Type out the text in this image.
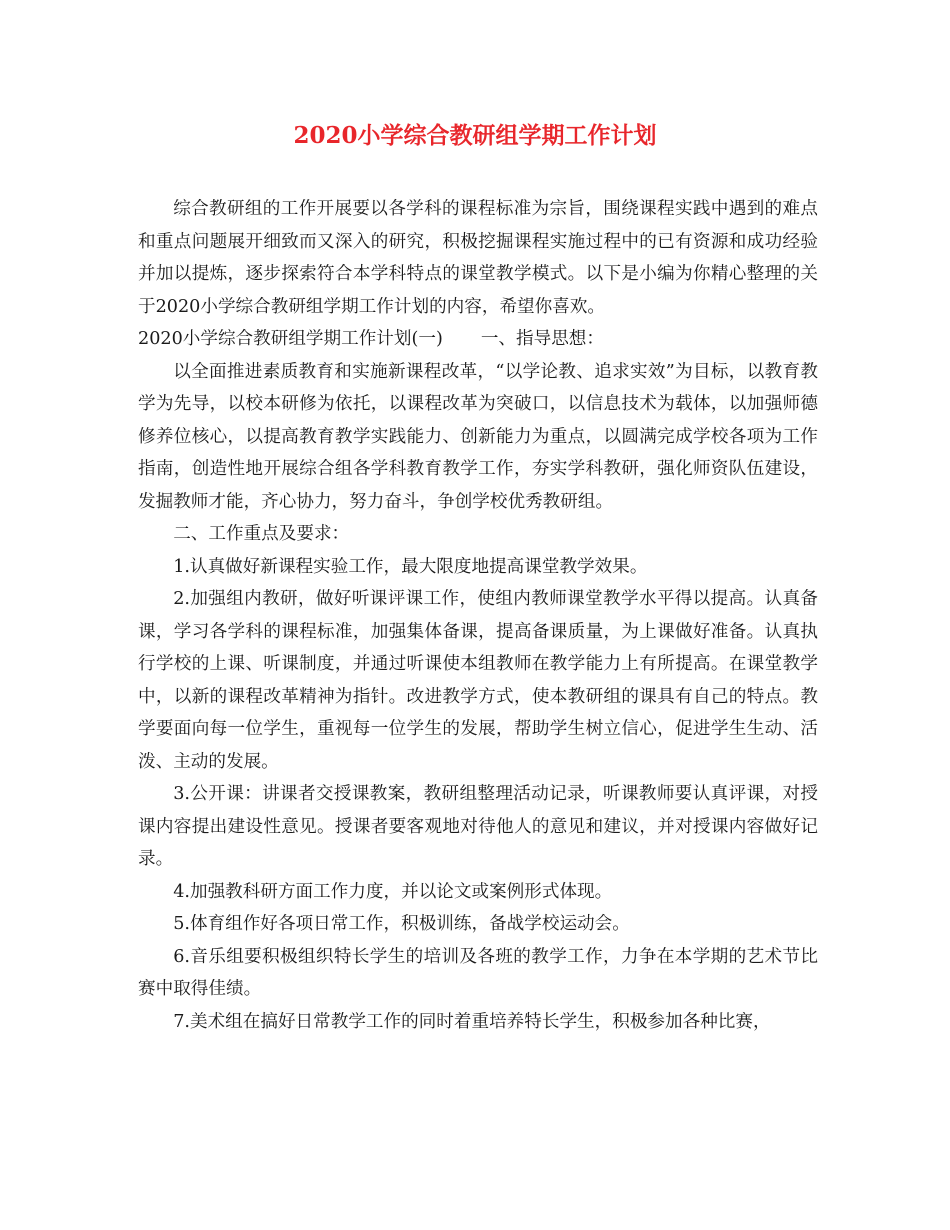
2020小学综合教研组学期工作计划

综合教研组的工作开展要以各学科的课程标准为宗旨，围绕课程实践中遇到的难点和重点问题展开细致而又深入的研究，积极挖掘课程实施过程中的已有资源和成功经验并加以提炼，逐步探索符合本学科特点的课堂教学模式。以下是小编为你精心整理的关于2020小学综合教研组学期工作计划的内容，希望你喜欢。

2020小学综合教研组学期工作计划(一) 一、指导思想：

以全面推进素质教育和实施新课程改革，“以学论教、追求实效”为目标，以教育教学为先导，以校本研修为依托，以课程改革为突破口，以信息技术为载体，以加强师德修养位核心，以提高教育教学实践能力、创新能力为重点，以圆满完成学校各项为工作指南，创造性地开展综合组各学科教育教学工作，夯实学科教研，强化师资队伍建设，发掘教师才能，齐心协力，努力奋斗，争创学校优秀教研组。

二、工作重点及要求：

1.认真做好新课程实验工作，最大限度地提高课堂教学效果。

2.加强组内教研，做好听课评课工作，使组内教师课堂教学水平得以提高。认真备课，学习各学科的课程标准，加强集体备课，提高备课质量，为上课做好准备。认真执行学校的上课、听课制度，并通过听课使本组教师在教学能力上有所提高。在课堂教学中，以新的课程改革精神为指针。改进教学方式，使本教研组的课具有自己的特点。教学要面向每一位学生，重视每一位学生的发展，帮助学生树立信心，促进学生生动、活泼、主动的发展。

3.公开课：讲课者交授课教案，教研组整理活动记录，听课教师要认真评课，对授课内容提出建设性意见。授课者要客观地对待他人的意见和建议，并对授课内容做好记录。

4.加强教科研方面工作力度，并以论文或案例形式体现。

5.体育组作好各项日常工作，积极训练，备战学校运动会。

6.音乐组要积极组织特长学生的培训及各班的教学工作，力争在本学期的艺术节比赛中取得佳绩。

7.美术组在搞好日常教学工作的同时着重培养特长学生，积极参加各种比赛，
